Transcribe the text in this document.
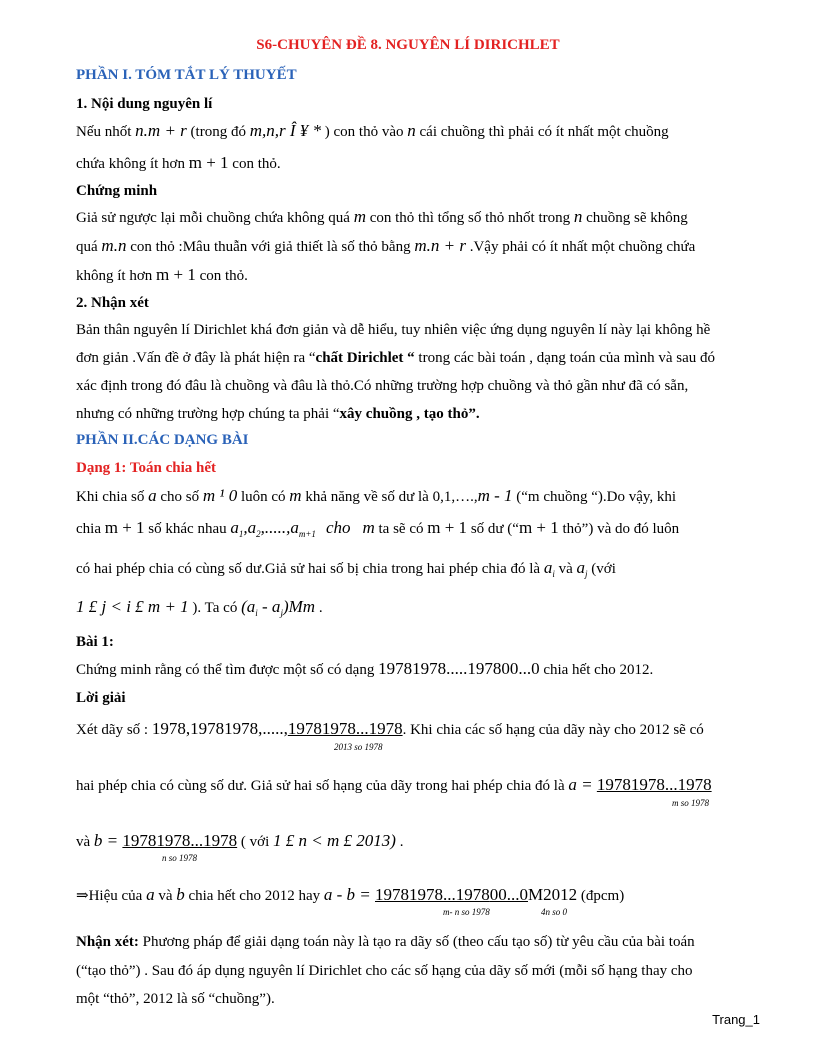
S6-CHUYÊN ĐỀ 8. NGUYÊN LÍ DIRICHLET
PHẦN I. TÓM TẮT LÝ THUYẾT
1. Nội dung nguyên lí
Nếu nhốt n.m + r (trong đó m,n,r Î ¥ * ) con thỏ vào n cái chuồng thì phải có ít nhất một chuồng
chứa không ít hơn m + 1 con thỏ.
Chứng minh
Giả sử ngược lại mỗi chuồng chứa không quá m con thỏ thì tổng số thỏ nhốt trong n chuồng sẽ không
quá m.n con thỏ :Mâu thuẫn với giả thiết là số thỏ bằng m.n + r .Vậy phải có ít nhất một chuồng chứa
không ít hơn m + 1 con thỏ.
2. Nhận xét
Bản thân nguyên lí Dirichlet khá đơn giản và dễ hiểu, tuy nhiên việc ứng dụng nguyên lí này lại không hề
đơn giản .Vấn đề ở đây là phát hiện ra “chất Dirichlet “ trong các bài toán , dạng toán của mình và sau đó
xác định trong đó đâu là chuồng và đâu là thỏ.Có những trường hợp chuồng và thỏ gần như đã có sẵn,
nhưng có những trường hợp chúng ta phải “xây chuồng , tạo thỏ”.
PHẦN II.CÁC DẠNG BÀI
Dạng 1: Toán chia hết
Khi chia số a cho số m ¹ 0 luôn có m khả năng về số dư là 0,1,….,m - 1 (“m chuồng “).Do vậy, khi
chia m + 1 số khác nhau $a_1,a_2,.....,a_{m+1}$ cho m ta sẽ có m + 1 số dư (“m + 1 thỏ”) và do đó luôn
có hai phép chia có cùng số dư.Giả sử hai số bị chia trong hai phép chia đó là $a_i$ và $a_j$ (với
1 £ j < i £ m + 1 ). Ta có $(a_i - a_j)Mm$ .
Bài 1:
Chứng minh rằng có thể tìm được một số có dạng 19781978.....197800...0 chia hết cho 2012.
Lời giải
Xét dãy số : 1978,19781978,.....,19781978...1978. Khi chia các số hạng của dãy này cho 2012 sẽ có
2013 so 1978
hai phép chia có cùng số dư. Giả sử hai số hạng của dãy trong hai phép chia đó là a = 19781978...1978
m so 1978
và b = 19781978...1978 ( với 1 £ n < m £ 2013) .
n so 1978
⇒Hiệu của a và b chia hết cho 2012 hay a - b = 19781978...197800...0M2012 (đpcm)
m- n so 1978	4n so 0
Nhận xét: Phương pháp để giải dạng toán này là tạo ra dãy số (theo cấu tạo số) từ yêu cầu của bài toán
(“tạo thỏ”) . Sau đó áp dụng nguyên lí Dirichlet cho các số hạng của dãy số mới (mỗi số hạng thay cho
một “thỏ”, 2012 là số “chuồng”).
Trang_1
